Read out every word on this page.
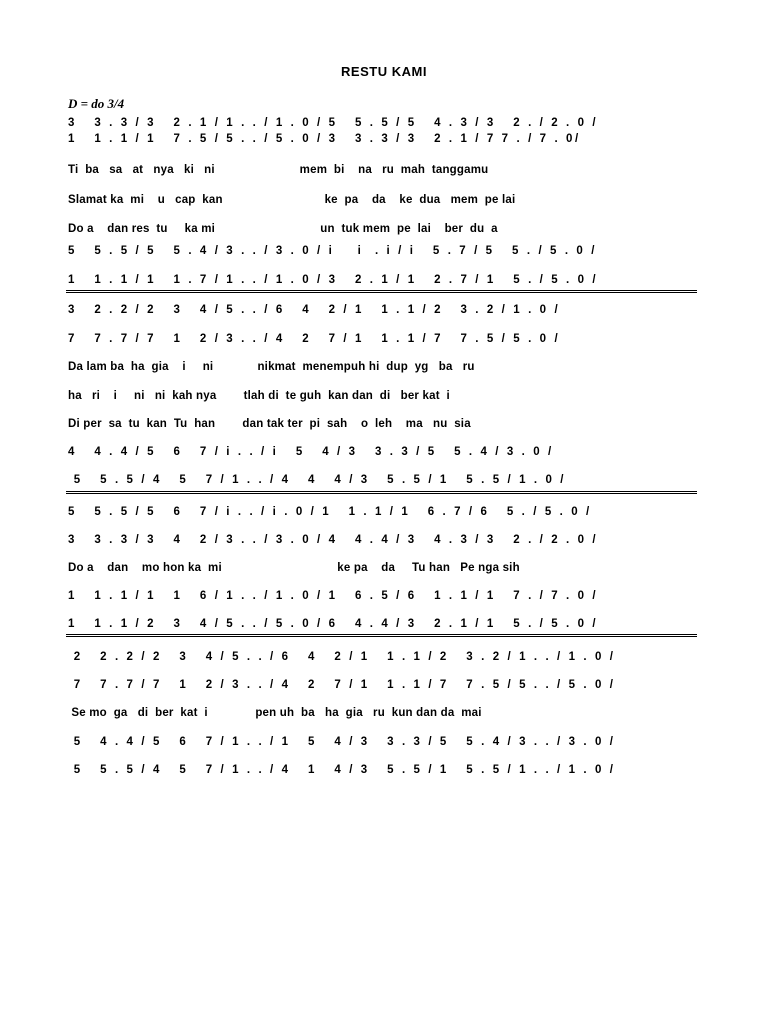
RESTU KAMI
D = do 3/4
3   3 . 3 / 3   2 . 1 / 1 . . / 1 . 0 / 5   5 . 5 / 5   4 . 3 / 3   2 . / 2 . 0 /
1   1 . 1 / 1   7 . 5 / 5 . . / 5 . 0 / 3   3 . 3 / 3   2 . 1 / 7 7 . / 7 . 0/
Ti  ba   sa   at   nya   ki   ni                         mem  bi    na   ru  mah  tanggamu
Slamat ka  mi    u   cap  kan                              ke  pa    da    ke  dua   mem  pe lai
Do a    dan res  tu     ka mi                               un  tuk mem  pe  lai    ber  du  a
5   5 . 5 / 5   5 . 4 / 3 . . / 3 . 0 / i    i  . i / i   5 . 7 / 5   5 . / 5 . 0 /
1   1 . 1 / 1   1 . 7 / 1 . . / 1 . 0 / 3   2 . 1 / 1   2 . 7 / 1   5 . / 5 . 0 /
3   2 . 2 / 2   3   4 / 5 . . / 6   4   2 / 1   1 . 1 / 2   3 . 2 / 1 . 0 /
7   7 . 7 / 7   1   2 / 3 . . / 4   2   7 / 1   1 . 1 / 7   7 . 5 / 5 . 0 /
Da lam ba  ha  gia    i     ni             nikmat  menempuh hi  dup  yg   ba   ru
ha   ri    i     ni   ni  kah nya        tlah di  te guh  kan dan  di   ber kat  i
Di per  sa  tu  kan  Tu  han        dan tak ter  pi  sah    o  leh    ma   nu  sia
4   4 . 4 / 5   6   7 / i . . / i   5   4 / 3   3 . 3 / 5   5 . 4 / 3 . 0 /
5   5 . 5 / 4   5   7 / 1 . . / 4   4   4 / 3   5 . 5 / 1   5 . 5 / 1 . 0 /
5   5 . 5 / 5   6   7 / i . . / i . 0 / 1   1 . 1 / 1   6 . 7 / 6   5 . / 5 . 0 /
3   3 . 3 / 3   4   2 / 3 . . / 3 . 0 / 4   4 . 4 / 3   4 . 3 / 3   2 . / 2 . 0 /
Do a    dan    mo hon ka  mi                                  ke pa    da     Tu han   Pe nga sih
1   1 . 1 / 1   1   6 / 1 . . / 1 . 0 / 1   6 . 5 / 6   1 . 1 / 1   7 . / 7 . 0 /
1   1 . 1 / 2   3   4 / 5 . . / 5 . 0 / 6   4 . 4 / 3   2 . 1 / 1   5 . / 5 . 0 /
2   2 . 2 / 2   3   4 / 5 . . / 6   4   2 / 1   1 . 1 / 2   3 . 2 / 1 . . / 1 . 0 /
7   7 . 7 / 7   1   2 / 3 . . / 4   2   7 / 1   1 . 1 / 7   7 . 5 / 5 . . / 5 . 0 /
Se mo  ga   di  ber  kat  i              pen uh  ba   ha  gia   ru  kun dan da  mai
5   4 . 4 / 5   6   7 / 1 . . / 1   5   4 / 3   3 . 3 / 5   5 . 4 / 3 . . / 3 . 0 /
5   5 . 5 / 4   5   7 / 1 . . / 4   1   4 / 3   5 . 5 / 1   5 . 5 / 1 . . / 1 . 0 /
